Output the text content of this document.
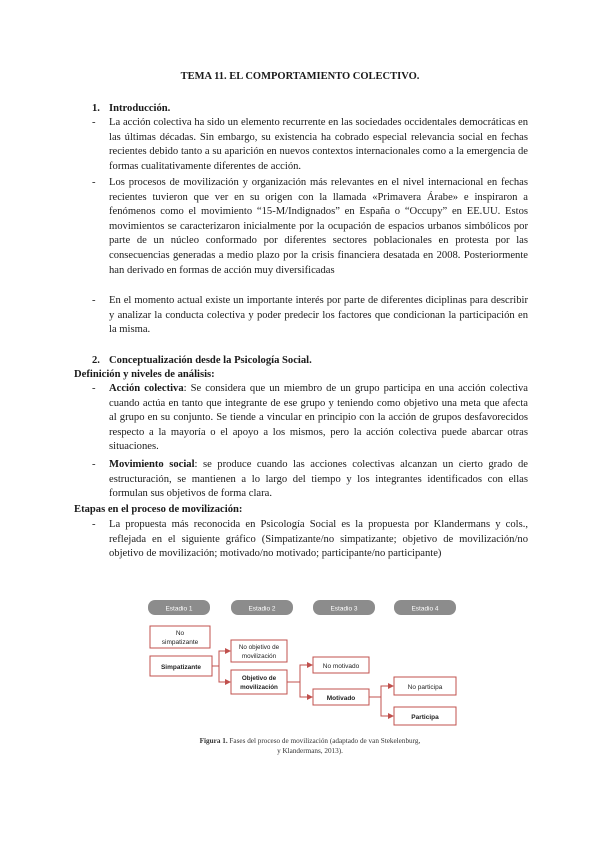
TEMA 11. EL COMPORTAMIENTO COLECTIVO.
1. Introducción.
- La acción colectiva ha sido un elemento recurrente en las sociedades occidentales democráticas en las últimas décadas. Sin embargo, su existencia ha cobrado especial relevancia social en fechas recientes debido tanto a su aparición en nuevos contextos internacionales como a la emergencia de formas cualitativamente diferentes de acción.
- Los procesos de movilización y organización más relevantes en el nivel internacional en fechas recientes tuvieron que ver en su origen con la llamada «Primavera Árabe» e inspiraron a fenómenos como el movimiento “15-M/Indignados” en España o “Occupy” en EE.UU. Estos movimientos se caracterizaron inicialmente por la ocupación de espacios urbanos simbólicos por parte de un núcleo conformado por diferentes sectores poblacionales en protesta por las consecuencias generadas a medio plazo por la crisis financiera desatada en 2008. Posteriormente han derivado en formas de acción muy diversificadas
- En el momento actual existe un importante interés por parte de diferentes diciplinas para describir y analizar la conducta colectiva y poder predecir los factores que condicionan la participación en la misma.
2. Conceptualización desde la Psicología Social.
Definición y niveles de análisis:
- Acción colectiva: Se considera que un miembro de un grupo participa en una acción colectiva cuando actúa en tanto que integrante de ese grupo y teniendo como objetivo una meta que afecta al grupo en su conjunto. Se tiende a vincular en principio con la acción de grupos desfavorecidos respecto a la mayoría o el apoyo a los mismos, pero la acción colectiva puede abarcar otras situaciones.
- Movimiento social: se produce cuando las acciones colectivas alcanzan un cierto grado de estructuración, se mantienen a lo largo del tiempo y los integrantes identificados con ellas formulan sus objetivos de forma clara.
Etapas en el proceso de movilización:
- La propuesta más reconocida en Psicología Social es la propuesta por Klandermans y cols., reflejada en el siguiente gráfico (Simpatizante/no simpatizante; objetivo de movilización/no objetivo de movilización; motivado/no motivado; participante/no participante)
Estadio 1	Estadio 2	Estadio 3	Estadio 4
No
simpatizante
Simpatizante
No objetivo de
movilización
Objetivo de
movilización
No motivado
Motivado
No participa
Participa
Figura 1. Fases del proceso de movilización (adaptado de van Stekelenburg,
y Klandermans, 2013).
